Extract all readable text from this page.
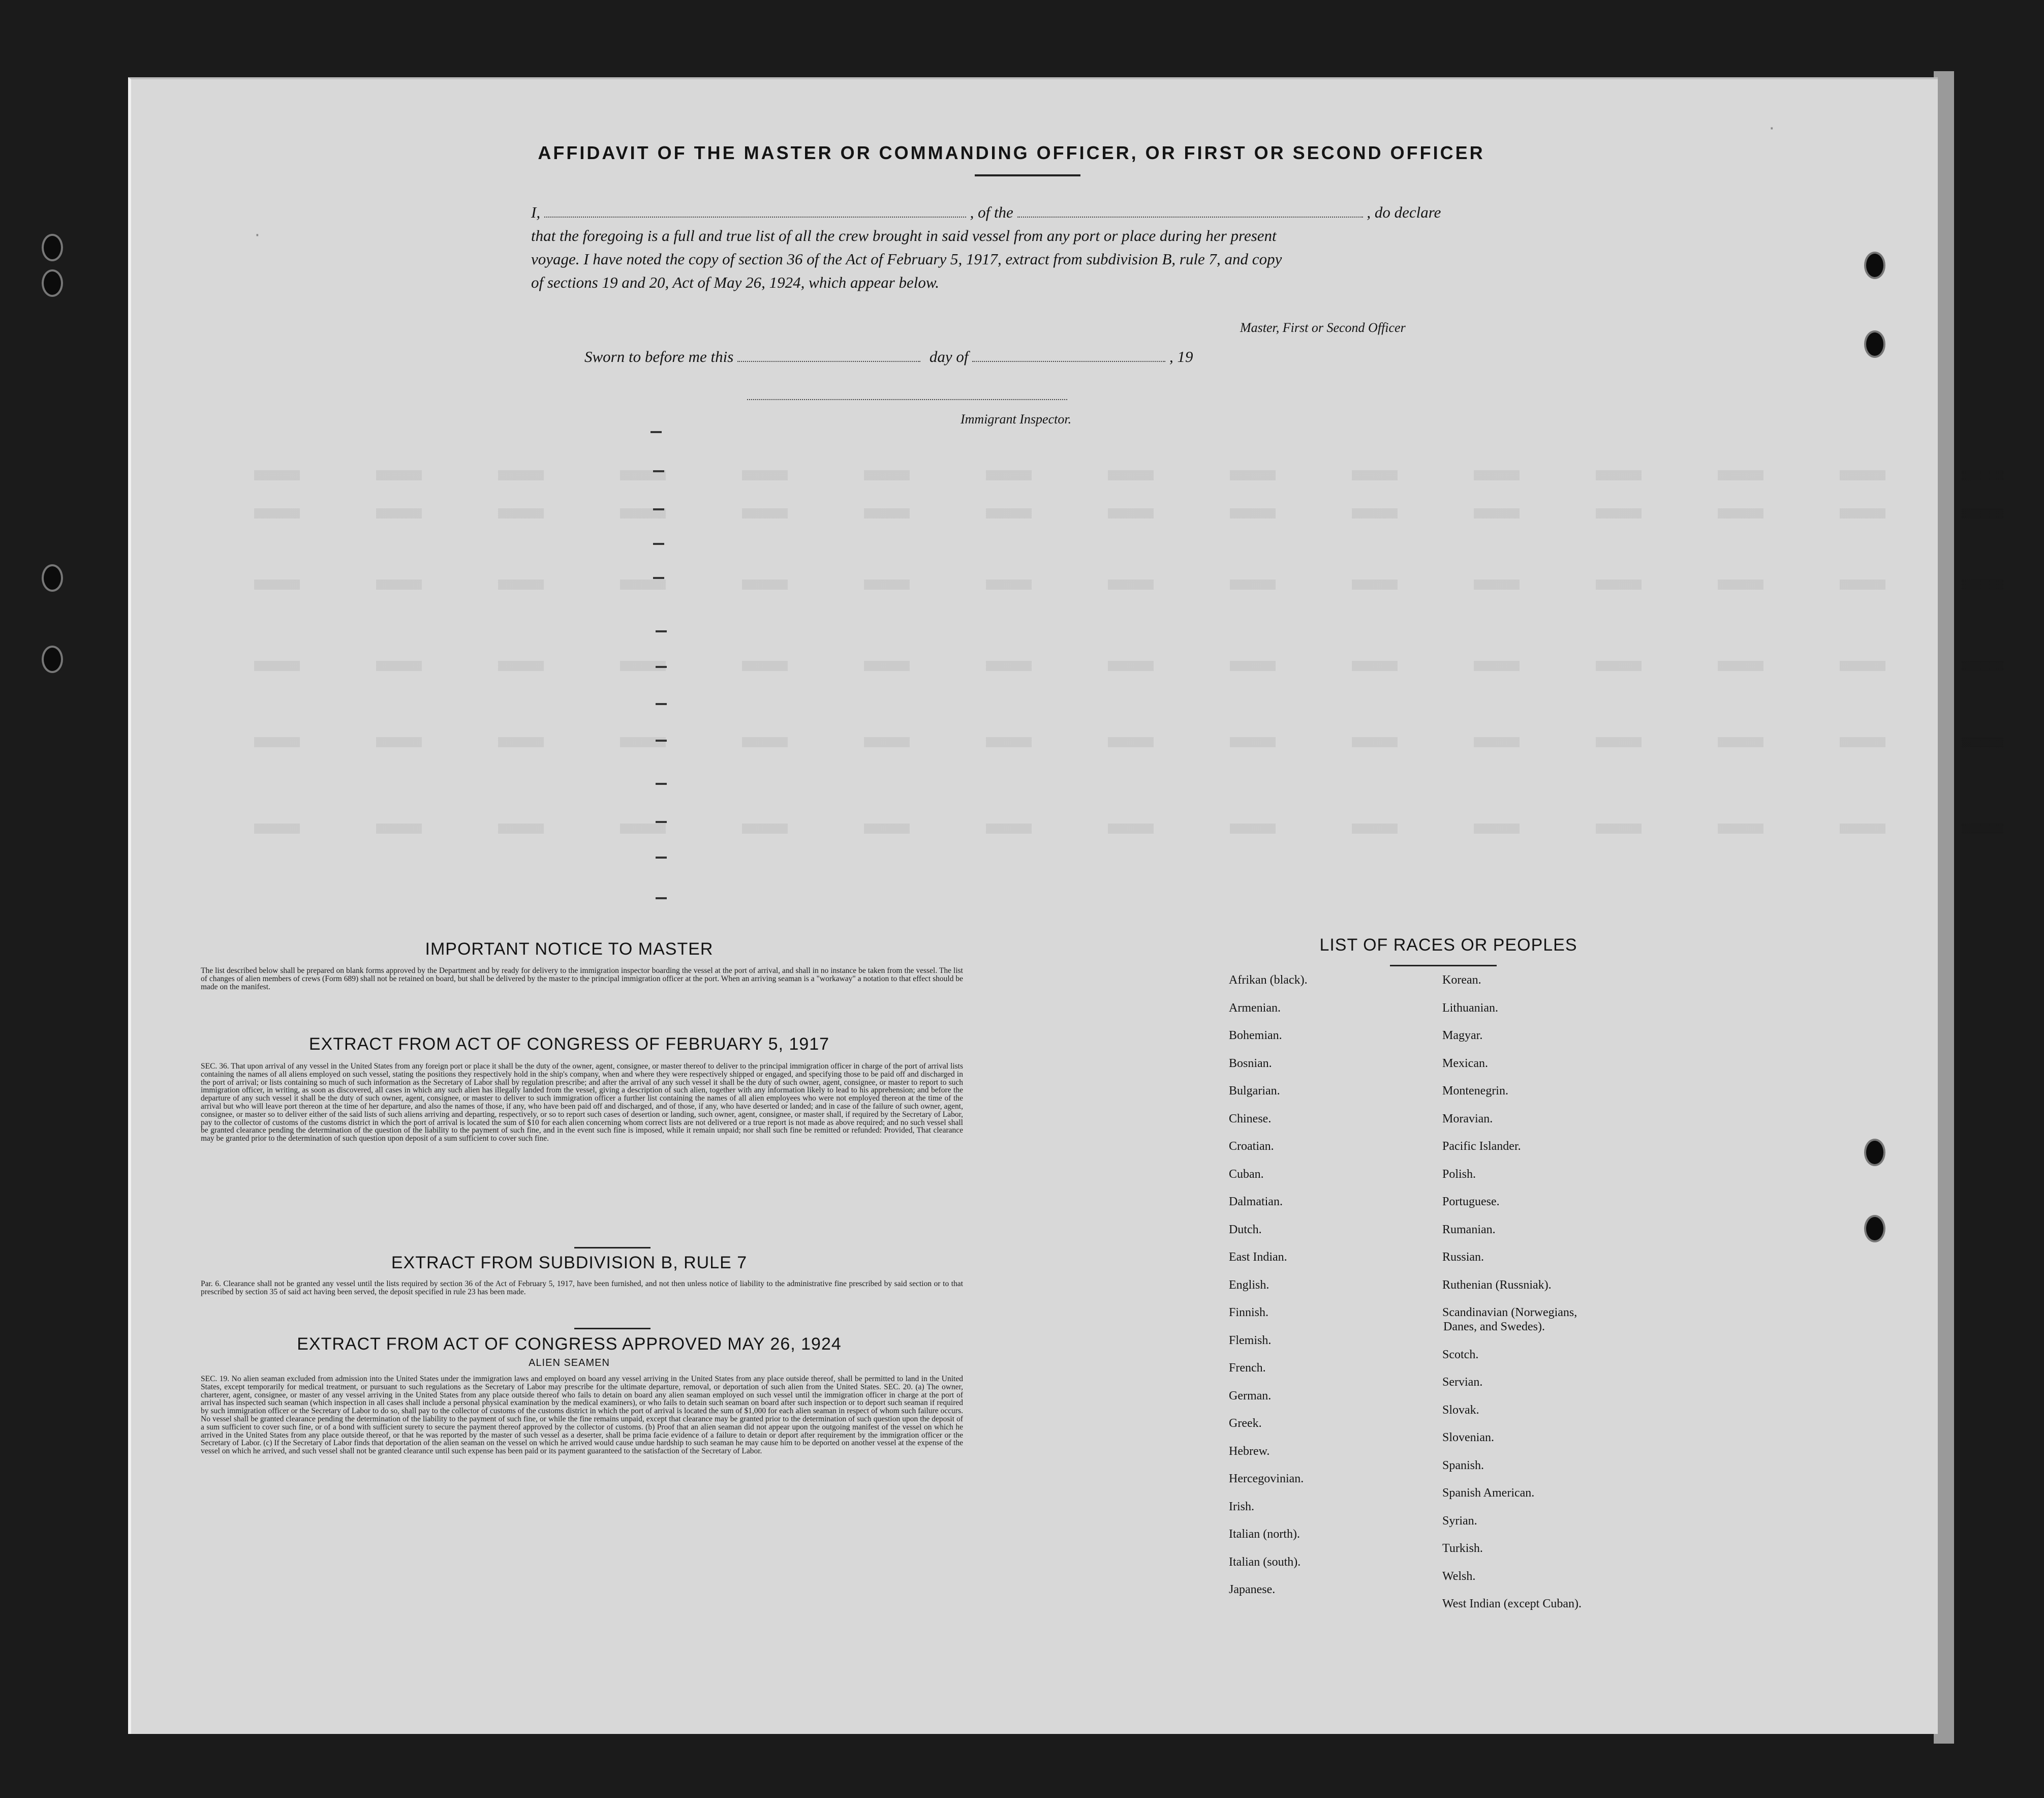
AFFIDAVIT OF THE MASTER OR COMMANDING OFFICER, OR FIRST OR SECOND OFFICER
I,	, of the	, do declare
that the foregoing is a full and true list of all the crew brought in said vessel from any port or place during her present
voyage. I have noted the copy of section 36 of the Act of February 5, 1917, extract from subdivision B, rule 7, and copy
of sections 19 and 20, Act of May 26, 1924, which appear below.
Master, First or Second Officer
Sworn to before me this	day of	, 19
Immigrant Inspector.
IMPORTANT NOTICE TO MASTER
The list described below shall be prepared on blank forms approved by the Department and by ready for delivery to the immigration inspector boarding the vessel at the port of arrival, and shall in no instance be taken from the vessel. The list of changes of alien members of crews (Form 689) shall not be retained on board, but shall be delivered by the master to the principal immigration officer at the port. When an arriving seaman is a "workaway" a notation to that effect should be made on the manifest.
EXTRACT FROM ACT OF CONGRESS OF FEBRUARY 5, 1917
SEC. 36. That upon arrival of any vessel in the United States from any foreign port or place it shall be the duty of the owner, agent, consignee, or master thereof to deliver to the principal immigration officer in charge of the port of arrival lists containing the names of all aliens employed on such vessel, stating the positions they respectively hold in the ship's company, when and where they were respectively shipped or engaged, and specifying those to be paid off and discharged in the port of arrival; or lists containing so much of such information as the Secretary of Labor shall by regulation prescribe; and after the arrival of any such vessel it shall be the duty of such owner, agent, consignee, or master to report to such immigration officer, in writing, as soon as discovered, all cases in which any such alien has illegally landed from the vessel, giving a description of such alien, together with any information likely to lead to his apprehension; and before the departure of any such vessel it shall be the duty of such owner, agent, consignee, or master to deliver to such immigration officer a further list containing the names of all alien employees who were not employed thereon at the time of the arrival but who will leave port thereon at the time of her departure, and also the names of those, if any, who have been paid off and discharged, and of those, if any, who have deserted or landed; and in case of the failure of such owner, agent, consignee, or master so to deliver either of the said lists of such aliens arriving and departing, respectively, or so to report such cases of desertion or landing, such owner, agent, consignee, or master shall, if required by the Secretary of Labor, pay to the collector of customs of the customs district in which the port of arrival is located the sum of $10 for each alien concerning whom correct lists are not delivered or a true report is not made as above required; and no such vessel shall be granted clearance pending the determination of the question of the liability to the payment of such fine, and in the event such fine is imposed, while it remain unpaid; nor shall such fine be remitted or refunded: Provided, That clearance may be granted prior to the determination of such question upon deposit of a sum sufficient to cover such fine.
EXTRACT FROM SUBDIVISION B, RULE 7
Par. 6. Clearance shall not be granted any vessel until the lists required by section 36 of the Act of February 5, 1917, have been furnished, and not then unless notice of liability to the administrative fine prescribed by said section or to that prescribed by section 35 of said act having been served, the deposit specified in rule 23 has been made.
EXTRACT FROM ACT OF CONGRESS APPROVED MAY 26, 1924
ALIEN SEAMEN
SEC. 19. No alien seaman excluded from admission into the United States under the immigration laws and employed on board any vessel arriving in the United States from any place outside thereof, shall be permitted to land in the United States, except temporarily for medical treatment, or pursuant to such regulations as the Secretary of Labor may prescribe for the ultimate departure, removal, or deportation of such alien from the United States. SEC. 20. (a) The owner, charterer, agent, consignee, or master of any vessel arriving in the United States from any place outside thereof who fails to detain on board any alien seaman employed on such vessel until the immigration officer in charge at the port of arrival has inspected such seaman (which inspection in all cases shall include a personal physical examination by the medical examiners), or who fails to detain such seaman on board after such inspection or to deport such seaman if required by such immigration officer or the Secretary of Labor to do so, shall pay to the collector of customs of the customs district in which the port of arrival is located the sum of $1,000 for each alien seaman in respect of whom such failure occurs. No vessel shall be granted clearance pending the determination of the liability to the payment of such fine, or while the fine remains unpaid, except that clearance may be granted prior to the determination of such question upon the deposit of a sum sufficient to cover such fine, or of a bond with sufficient surety to secure the payment thereof approved by the collector of customs. (b) Proof that an alien seaman did not appear upon the outgoing manifest of the vessel on which he arrived in the United States from any place outside thereof, or that he was reported by the master of such vessel as a deserter, shall be prima facie evidence of a failure to detain or deport after requirement by the immigration officer or the Secretary of Labor. (c) If the Secretary of Labor finds that deportation of the alien seaman on the vessel on which he arrived would cause undue hardship to such seaman he may cause him to be deported on another vessel at the expense of the vessel on which he arrived, and such vessel shall not be granted clearance until such expense has been paid or its payment guaranteed to the satisfaction of the Secretary of Labor.
LIST OF RACES OR PEOPLES
Afrikan (black).
Armenian.
Bohemian.
Bosnian.
Bulgarian.
Chinese.
Croatian.
Cuban.
Dalmatian.
Dutch.
East Indian.
English.
Finnish.
Flemish.
French.
German.
Greek.
Hebrew.
Hercegovinian.
Irish.
Italian (north).
Italian (south).
Japanese.
Korean.
Lithuanian.
Magyar.
Mexican.
Montenegrin.
Moravian.
Pacific Islander.
Polish.
Portuguese.
Rumanian.
Russian.
Ruthenian (Russniak).
Scandinavian (Norwegians,
Danes, and Swedes).
Scotch.
Servian.
Slovak.
Slovenian.
Spanish.
Spanish American.
Syrian.
Turkish.
Welsh.
West Indian (except Cuban).
·
·
